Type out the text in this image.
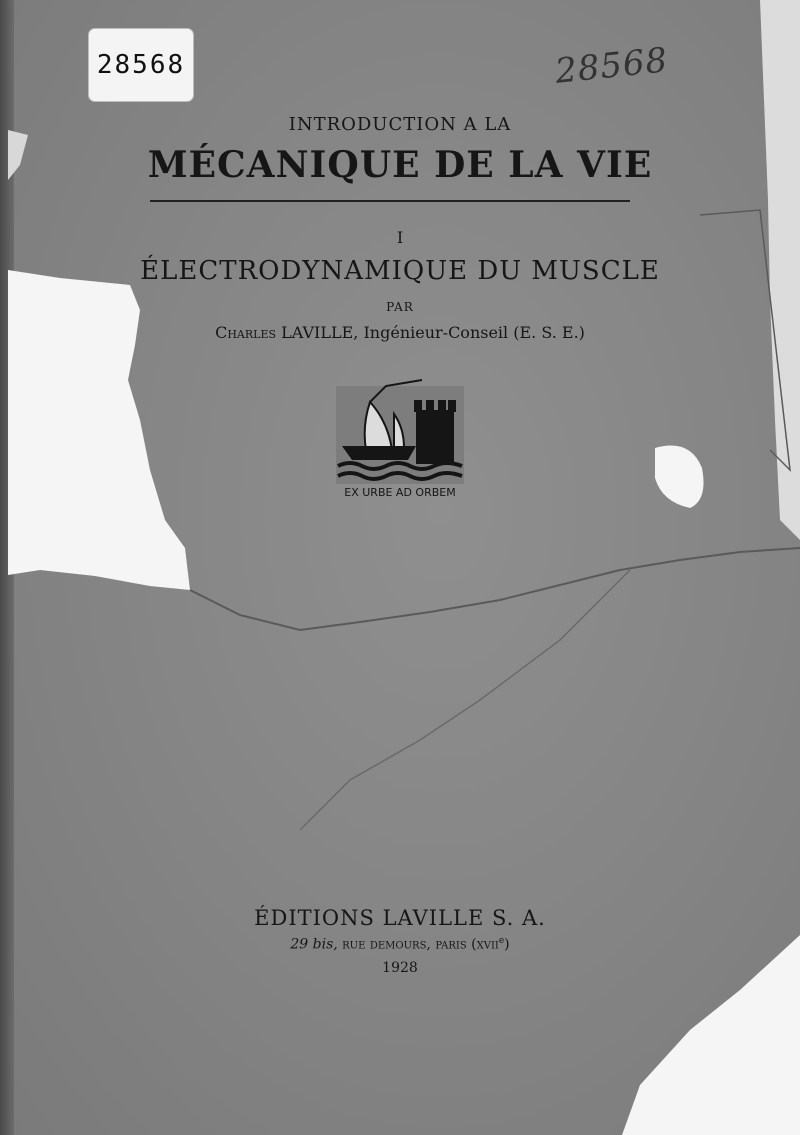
28568	28568
INTRODUCTION A LA
MÉCANIQUE DE LA VIE
I
ÉLECTRODYNAMIQUE DU MUSCLE
PAR
Charles LAVILLE, Ingénieur-Conseil (E. S. E.)
EX URBE AD ORBEM
ÉDITIONS LAVILLE S. A.
29 bis, rue demours, paris (xvii$^e$)
1928
